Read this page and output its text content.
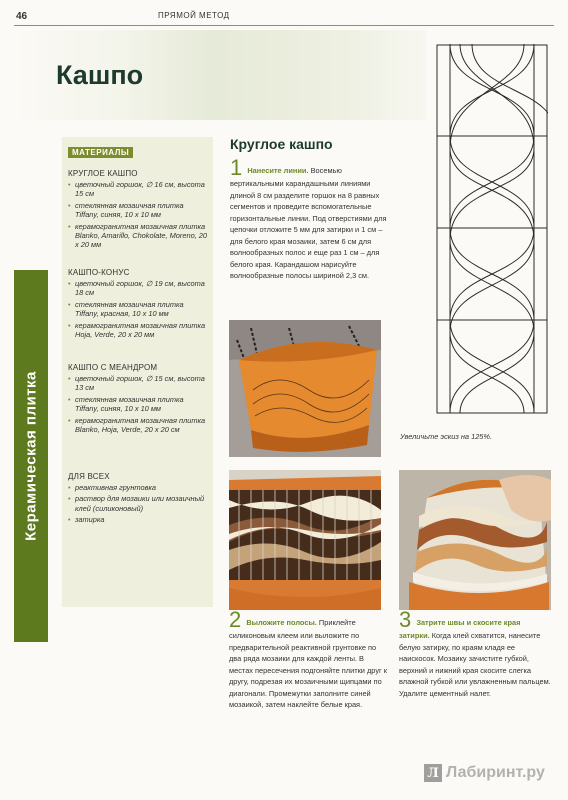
46	ПРЯМОЙ МЕТОД
Кашпо
Керамическая плитка
МАТЕРИАЛЫ
КРУГЛОЕ КАШПО
• цветочный горшок, ∅ 16 см, высота 15 см
• стеклянная мозаичная плитка Tiffany, синяя, 10 х 10 мм
• керамогранитная мозаичная плитка Blanko, Amarillo, Chokolate, Moreno, 20 х 20 мм
КАШПО-КОНУС
• цветочный горшок, ∅ 19 см, высота 18 см
• стеклянная мозаичная плитка Tiffany, красная, 10 х 10 мм
• керамогранитная мозаичная плитка Hoja, Verde, 20 х 20 мм
КАШПО С МЕАНДРОМ
• цветочный горшок, ∅ 15 см, высота 13 см
• стеклянная мозаичная плитка Tiffany, синяя, 10 х 10 мм
• керамогранитная мозаичная плитка Blanko, Hoja, Verde, 20 х 20 см
ДЛЯ ВСЕХ
• реактивная грунтовка
• раствор для мозаики или мозаичный клей (силиконовый)
• затирка
Круглое кашпо

1 Нанесите линии. Восемью вертикальными карандашными линиями длиной 8 см разделите горшок на 8 равных сегментов и проведите вспомогательные горизонтальные линии. Под отверстиями для цепочки отложите 5 мм для затирки и 1 см – для белого края мозаики, затем 6 см для волнообразных полос и еще раз 1 см – для белого края. Карандашом нарисуйте волнообразные полосы шириной 2,3 см.

Увеличьте эскиз на 125%.

2 Выложите полосы. Приклейте силиконовым клеем или выложите по предварительной реактивной грунтовке по два ряда мозаики для каждой ленты. В местах пересечения подгоняйте плитки друг к другу, подрезая их мозаичными щипцами по диагонали. Промежутки заполните синей мозаикой, затем наклейте белые края.

3 Затрите швы и скосите края затирки. Когда клей схватится, нанесите белую затирку, по краям кладя ее наискосок. Мозаику зачистите губкой, верхний и нижний края скосите слегка влажной губкой или увлажненным пальцем. Удалите цементный налет.

Л Лабиринт.ру
